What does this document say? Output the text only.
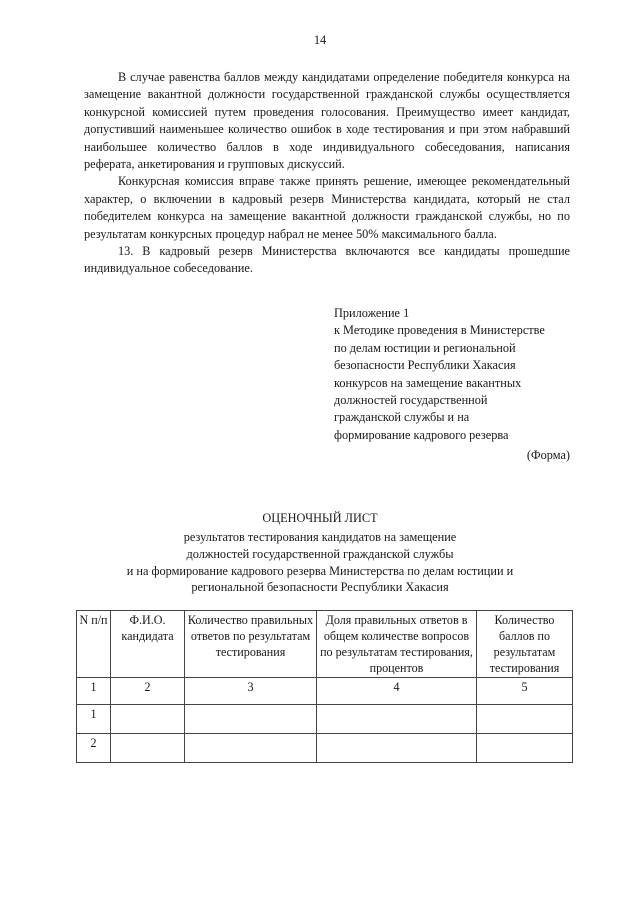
14

В случае равенства баллов между кандидатами определение победителя конкурса на замещение вакантной должности государственной гражданской службы осуществляется конкурсной комиссией путем проведения голосования. Преимущество имеет кандидат, допустивший наименьшее количество ошибок в ходе тестирования и при этом набравший наибольшее количество баллов в ходе индивидуального собеседования, написания реферата, анкетирования и групповых дискуссий.

Конкурсная комиссия вправе также принять решение, имеющее рекомендательный характер, о включении в кадровый резерв Министерства кандидата, который не стал победителем конкурса на замещение вакантной должности гражданской службы, но по результатам конкурсных процедур набрал не менее 50% максимального балла.

13. В кадровый резерв Министерства включаются все кандидаты прошедшие индивидуальное собеседование.

Приложение 1
к Методике проведения в Министерстве
по делам юстиции и региональной
безопасности Республики Хакасия
конкурсов на замещение вакантных
должностей государственной
гражданской службы и на
формирование кадрового резерва
(Форма)
ОЦЕНОЧНЫЙ ЛИСТ
результатов тестирования кандидатов на замещение
должностей государственной гражданской службы
и на формирование кадрового резерва Министерства по делам юстиции и
региональной безопасности Республики Хакасия
N п/п	Ф.И.О. кандидата	Количество правильных ответов по результатам тестирования	Доля правильных ответов в общем количестве вопросов по результатам тестирования, процентов	Количество баллов по результатам тестирования
1	2	3	4	5
1				
2				
